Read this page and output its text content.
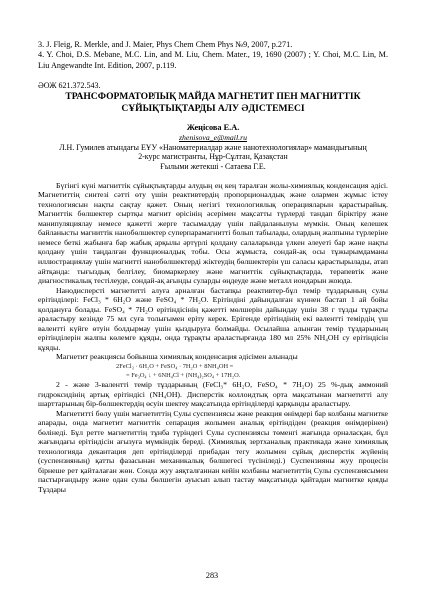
3. J. Fleig, R. Merkle, and J. Maier, Phys Chem Chem Phys №9, 2007, p.271.

4. Y. Choi, D.S. Mebane, M.C. Lin, and M. Liu, Chem. Mater., 19, 1690 (2007) ; Y. Choi, M.C. Lin, M. Liu Angewandte Int. Edition, 2007, p.119.

ӘОЖ 621.372.543.

ТРАНСФОРМАТОРЛЫҚ МАЙДА МАГНЕТИТ ПЕН МАГНИТТІК

СҰЙЫҚТЫҚТАРДЫ АЛУ ӘДІСТЕМЕСІ

Жеңісова Е.А.

zhenisova_e@mail.ru

Л.Н. Гумилев атындағы ЕҰУ «Наноматериалдар және нанотехнологиялар» мамандығының

2-курс магистранты, Нұр-Сұлтан, Қазақстан

Ғылыми жетекші - Сатаева Г.Е.

Бүгінгі күні магниттік сұйықтықтарды алудың ең кең таралған жолы-химиялық конденсация әдісі. Магнетиттің синтезі сәтті өту үшін реактивтердің пропорционалдық және олармен жұмыс істеу технологиясын нақты сақтау қажет. Оның негізгі технологиялық операцияларын қарастырайық. Магниттік бөлшектер сыртқы магнит өрісінің әсерімен мақсатты түрлерді тандап біріктіру және манипуляциялау немесе қажетті жерге тасымалдау үшін пайдаланылуы мүмкін. Оның келешек байланысты магниттік нанобөлшектер суперпарамагнитті болып табылады, олардың жалпыны түрлеріне немесе беткі жабынға бар жабық арқылы әртүрлі қолдану салаларында үлкен әлеуеті бар және нақты қолдану үшін таңдалған функционалдық тобы. Осы жұмыста, сондай-ақ осы тұжырымдаманы иллюстрациялау үшін магнитті нанобөлшектерді жіктеудің бөлшектерін үш саласы қарастырылады, атап айтқанда: тығыздық белгілеу, биомаркерлеу және магниттік сұйықтықтарда, терапевтік және диагностикалық тестілеуде, сондай-ақ ағынды суларды өңдеуде және металл иондарын жоюда.

Нанодисперсті магнетитті алуға арналған бастапқы реактивтер-бұл темір тұздарының сулы ерітінділері: FeCl₃ * 6H₂O және FeSO₄ * 7H₂O. Ерітіндіні дайындалған күннен бастап 1 ай бойы қолдануға болады. FeSO₄ * 7H₂O ерітіндісінің қажетті мөлшерін дайындау үшін 38 г тұзды тұрақты араластыру кезінде 75 мл суға толығымен еріту керек. Ерігенде ерітіндінің екі валентті темірдің үш валентті күйге өтуін болдырмау үшін қыздыруға болмайды. Осылайша алынған темір тұздарының ерітінділерін жалпы көлемге құяды, онда тұрақты араластырғанда 180 мл 25% NH₄OH су ерітіндісін құяды.

Магнетит реакциясы бойынша химиялық конденсация әдісімен алынады

2FeCl₃ · 6H₂O + FeSO₄ · 7H₂O + 8NH₄OH =
= Fe₃O₄ ↓ + 6NH₄Cl + (NH₄)₂SO₄ + 17H₂O.

2 - және 3-валентті темір тұздарының (FeCl₃* 6H₂O, FeSO₄ * 7H₂O) 25 %-дық аммоний гидроксидінің артық ерітіндісі (NH₄OH). Дисперстік коллоидтық орта мақсатынан магнетитті алу шарттарының бір-бөлшектердің өсуін шектеу мақсатында ерітінділерді қарқынды араластыру.

Магнетитті бөлу үшін магнетиттің Сулы суспензиясы және реакция өнімдері бар колбаны магнитке апарады, онда магнетит магниттік сепарация жолымен аналық ерітіндіден (реакция өнімдерінен) бөлінеді. Бұл ретте магнетиттің тұнба түріндегі Сулы суспензиясы төменгі жағында орналасқан, бұл жағындағы ерітіндісін ағызуға мүмкіндік береді. (Химиялық зертханалық практикада және химиялық технологияда декантация деп ерітінділерді прибадан тегу жолымен сұйық дисперстік жүйенің (суспензияның) қатты фазасынан механикалық бөлшегесі түсініледі.) Суспензияны жуу процесін бірнеше рет қайталаған жөн. Сонда жуу аяқталғаннан кейін колбаны магнетиттің Сулы суспензиясымен пастырғандыру және одан сулы бөлшегін ауысып алып тастау мақсатында қайтадан магнитке қояды Тұздары

283
